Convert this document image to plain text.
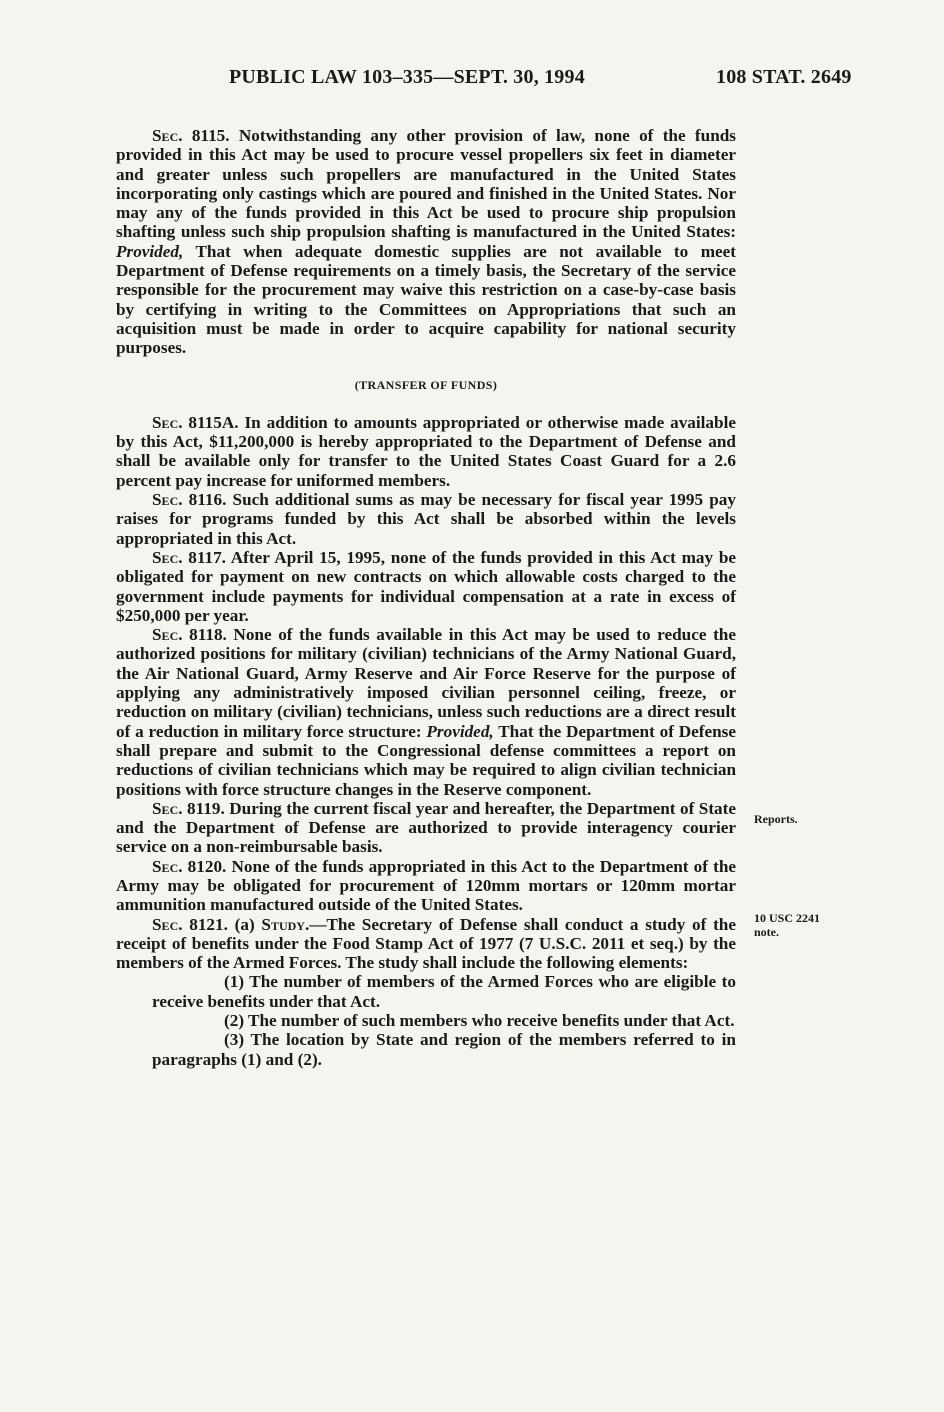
PUBLIC LAW 103–335—SEPT. 30, 1994	108 STAT. 2649

Sec. 8115. Notwithstanding any other provision of law, none of the funds provided in this Act may be used to procure vessel propellers six feet in diameter and greater unless such propellers are manufactured in the United States incorporating only castings which are poured and finished in the United States. Nor may any of the funds provided in this Act be used to procure ship propulsion shafting unless such ship propulsion shafting is manufactured in the United States: Provided, That when adequate domestic supplies are not available to meet Department of Defense requirements on a timely basis, the Secretary of the service responsible for the procurement may waive this restriction on a case-by-case basis by certifying in writing to the Committees on Appropriations that such an acquisition must be made in order to acquire capability for national security purposes.

(TRANSFER OF FUNDS)

Sec. 8115A. In addition to amounts appropriated or otherwise made available by this Act, $11,200,000 is hereby appropriated to the Department of Defense and shall be available only for transfer to the United States Coast Guard for a 2.6 percent pay increase for uniformed members.

Sec. 8116. Such additional sums as may be necessary for fiscal year 1995 pay raises for programs funded by this Act shall be absorbed within the levels appropriated in this Act.

Sec. 8117. After April 15, 1995, none of the funds provided in this Act may be obligated for payment on new contracts on which allowable costs charged to the government include payments for individual compensation at a rate in excess of $250,000 per year.

Sec. 8118. None of the funds available in this Act may be used to reduce the authorized positions for military (civilian) technicians of the Army National Guard, the Air National Guard, Army Reserve and Air Force Reserve for the purpose of applying any administratively imposed civilian personnel ceiling, freeze, or reduction on military (civilian) technicians, unless such reductions are a direct result of a reduction in military force structure: Provided, That the Department of Defense shall prepare and submit to the Congressional defense committees a report on reductions of civilian technicians which may be required to align civilian technician positions with force structure changes in the Reserve component.

Sec. 8119. During the current fiscal year and hereafter, the Department of State and the Department of Defense are authorized to provide interagency courier service on a non-reimbursable basis.

Sec. 8120. None of the funds appropriated in this Act to the Department of the Army may be obligated for procurement of 120mm mortars or 120mm mortar ammunition manufactured outside of the United States.

Sec. 8121. (a) Study.—The Secretary of Defense shall conduct a study of the receipt of benefits under the Food Stamp Act of 1977 (7 U.S.C. 2011 et seq.) by the members of the Armed Forces. The study shall include the following elements:

(1) The number of members of the Armed Forces who are eligible to receive benefits under that Act.

(2) The number of such members who receive benefits under that Act.

(3) The location by State and region of the members referred to in paragraphs (1) and (2).

Reports.
10 USC 2241
note.
